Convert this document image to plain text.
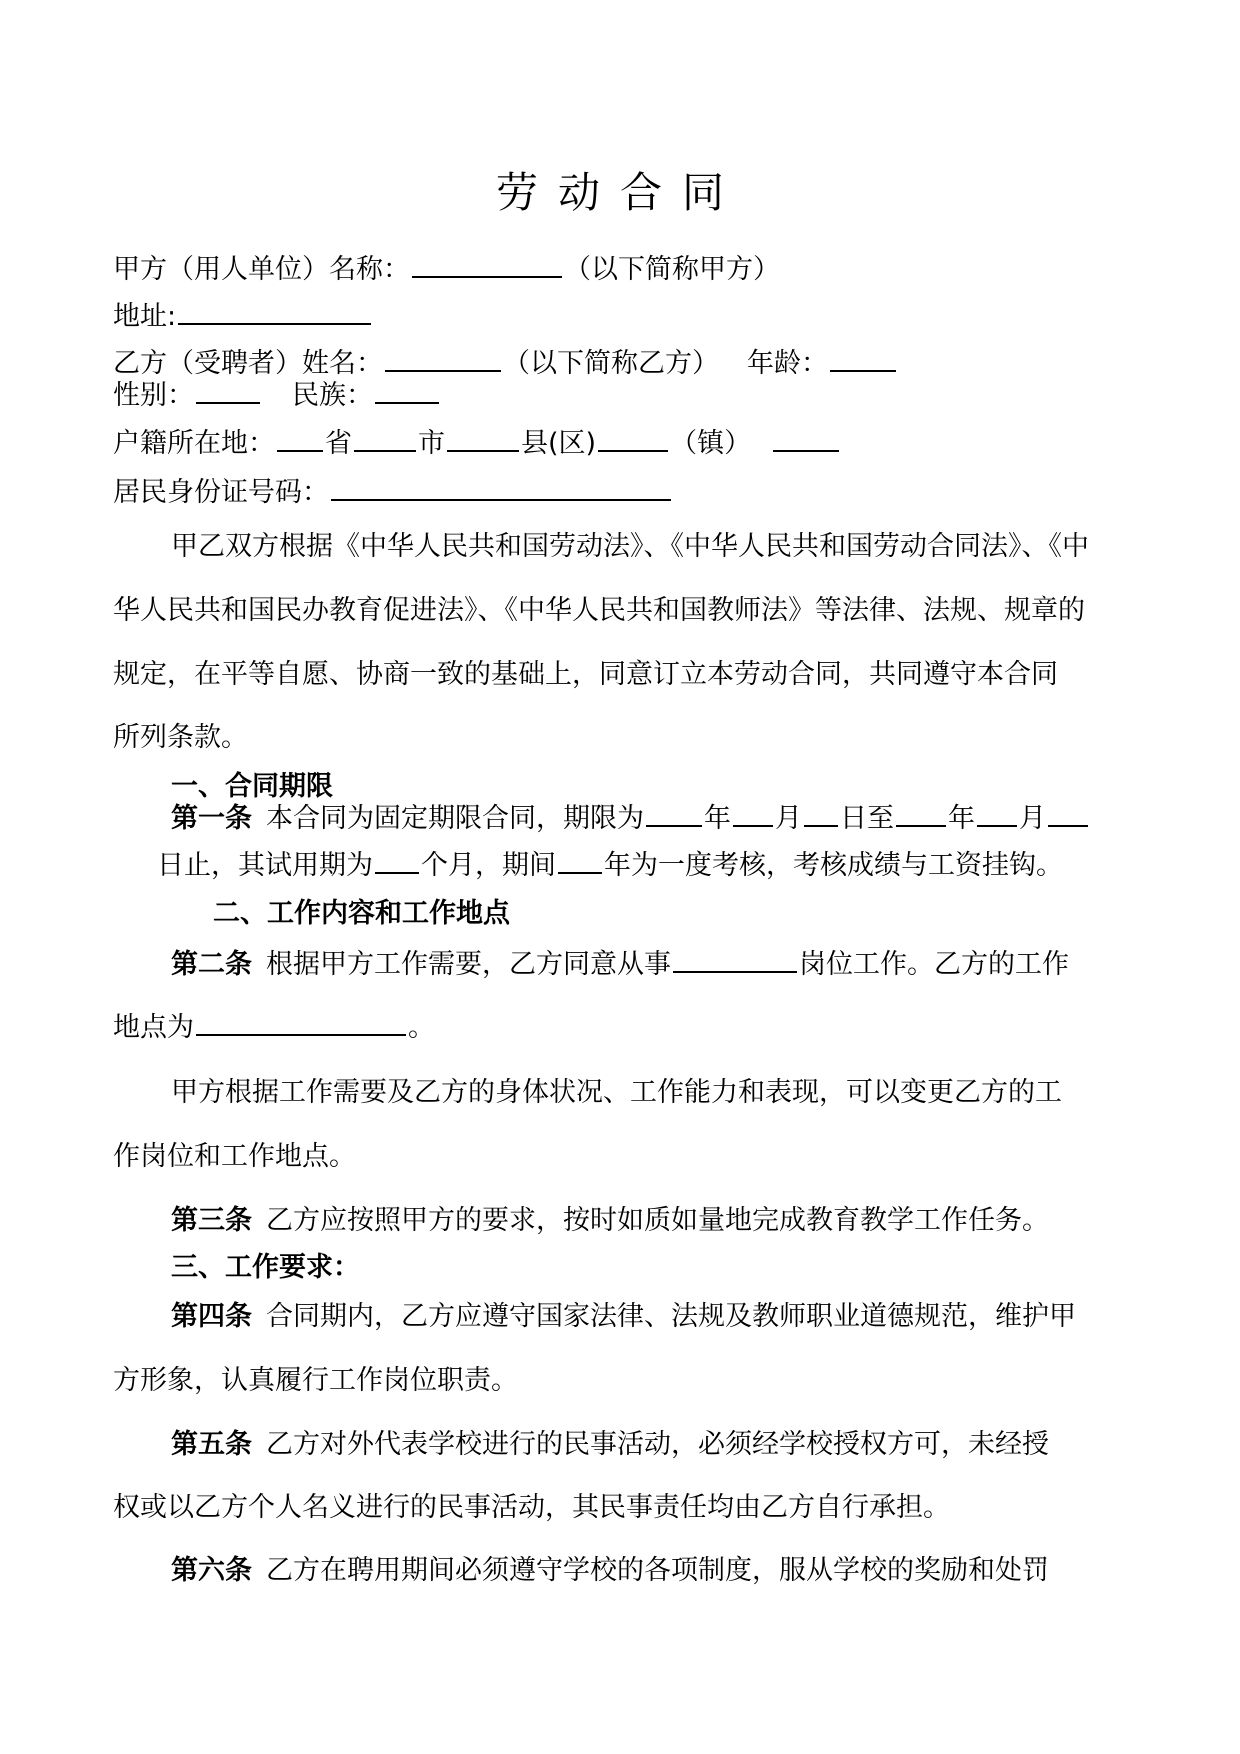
劳动合同
甲方（用人单位）名称：	（以下简称甲方）
地址:
乙方（受聘者）姓名：	（以下简称乙方） 年龄：
性别：	民族：
户籍所在地： 省 市	县(区)	（镇）
居民身份证号码：
甲乙双方根据《中华人民共和国劳动法》、《中华人民共和国劳动合同法》、《中
华人民共和国民办教育促进法》、《中华人民共和国教师法》等法律、法规、规章的
规定，在平等自愿、协商一致的基础上，同意订立本劳动合同，共同遵守本合同
所列条款。
一、合同期限
第一条 本合同为固定期限合同，期限为 年 月 日至 年 月
日止，其试用期为 个月，期间 年为一度考核，考核成绩与工资挂钩。
二、工作内容和工作地点
第二条 根据甲方工作需要，乙方同意从事	岗位工作。乙方的工作
地点为	。
甲方根据工作需要及乙方的身体状况、工作能力和表现，可以变更乙方的工
作岗位和工作地点。
第三条 乙方应按照甲方的要求，按时如质如量地完成教育教学工作任务。
三、工作要求：
第四条 合同期内，乙方应遵守国家法律、法规及教师职业道德规范，维护甲
方形象，认真履行工作岗位职责。
第五条 乙方对外代表学校进行的民事活动，必须经学校授权方可，未经授
权或以乙方个人名义进行的民事活动，其民事责任均由乙方自行承担。
第六条 乙方在聘用期间必须遵守学校的各项制度，服从学校的奖励和处罚
